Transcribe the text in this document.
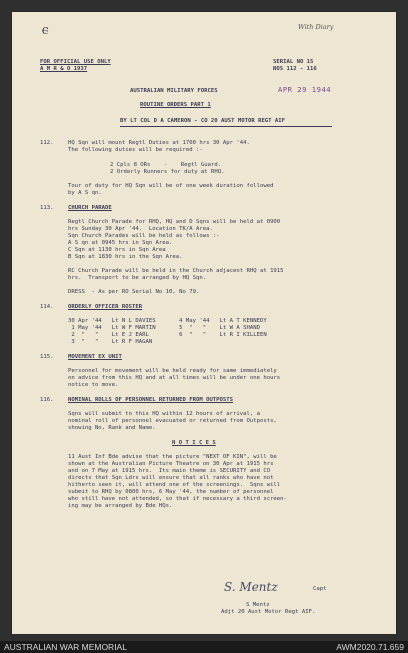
With Diary
Ⲉ
FOR OFFICIAL USE ONLY
A M R & O 1937
SERIAL NO 15
NOS 112 - 116
AUSTRALIAN MILITARY FORCES	APR 29 1944
ROUTINE ORDERS PART 1
BY LT COL D A CAMERON - CO 20 AUST MOTOR REGT AIF
112.	HQ Sqn will mount Regtl Duties at 1700 hrs 30 Apr '44.
The following duties will be required :-
2 Cpls 8 ORs    -    Regtl Guard.
2 Orderly Runners for duty at RHQ.
Tour of duty for HQ Sqn will be of one week duration followed
by A S qn.
113.	CHURCH PARADE
Regtl Church Parade for RHQ, HQ and D Sqns will be held at 0900
hrs Sunday 30 Apr '44.  Location TK/A Area.
Sqn Church Parades will be held as follows :-
A S qn at 0945 hrs in Sqn Area.
C Sqn at 1130 hrs in Sqn Area
B Sqn at 1830 hrs in the Sqn Area.
RC Church Parade will be held in the Church adjacent RHQ at 1915
hrs.  Transport to be arranged by HQ Sqn.
DRESS  - As per RO Serial No 10, No 79.
114.	ORDERLY OFFICER ROSTER
30 Apr '44   Lt N L DAVIES       4 May '44   Lt A T KENNEDY
1 May '44   Lt W F MARTIN       5  "   "    Lt W A SHAND
2  "   "    Lt E J EARL         6  "   "    Lt R I KILLEEN
3  "   "    Lt R F HAGAN
115.	MOVEMENT EX UNIT
Personnel for movement will be held ready for same immediately
on advice from this HQ and at all times will be under one hours
notice to move.
116.	NOMINAL ROLLS OF PERSONNEL RETURNED FROM OUTPOSTS
Sqns will submit to this HQ within 12 hours of arrival, a
nominal roll of personnel evacuated or returned from Outposts,
showing No, Rank and Name.
N O T I C E S
11 Aust Inf Bde advise that the picture "NEXT OF KIN", will be
shown at the Australian Picture Theatre on 30 Apr at 1915 hrs
and on 7 May at 1915 hrs.  Its main theme is SECURITY and CO
directs that Sqn Ldrs will ensure that all ranks who have not
hitherto seen it, will attend one of the screenings.  Sqns will
submit to RHQ by 0800 hrs, 6 May '44, the number of personnel
who still have not attended, so that if necessary a third screen-
ing may be arranged by Bde HQs.
S. Mentz	Capt
S Mentz
Adjt 20 Aust Motor Regt AIF.
AUSTRALIAN WAR MEMORIAL	AWM2020.71.659
